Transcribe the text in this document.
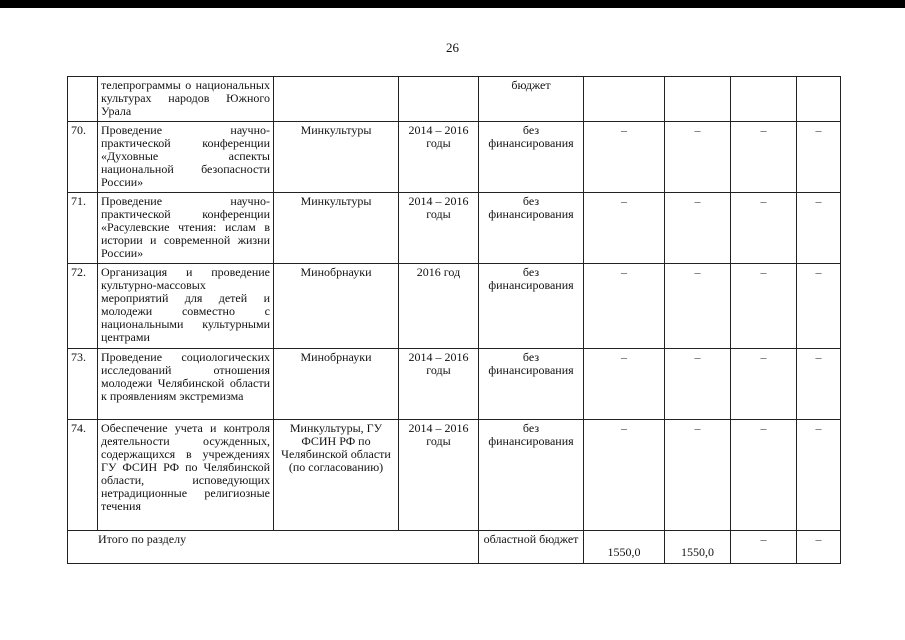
26
	телепрограммы о национальных культурах народов Южного Урала			бюджет				
70.	Проведение научно-практической конференции «Духовные аспекты национальной безопасности России»	Минкультуры	2014 – 2016 годы	без финансирования	–	–	–	–

71.	Проведение научно-практической конференции «Расулевские чтения: ислам в истории и современной жизни России»	Минкультуры	2014 – 2016 годы	без финансирования	–	–	–	–

72.	Организация и проведение культурно-массовых мероприятий для детей и молодежи совместно с национальными культурными центрами	Минобрнауки	2016 год	без финансирования	–	–	–	–

73.	Проведение социологических исследований отношения молодежи Челябинской области к проявлениям экстремизма	Минобрнауки	2014 – 2016 годы	без финансирования	–	–	–	–

74.	Обеспечение учета и контроля деятельности осужденных, содержащихся в учреждениях ГУ ФСИН РФ по Челябинской области, исповедующих нетрадиционные религиозные течения	Минкультуры, ГУ ФСИН РФ по Челябинской области (по согласованию)	2014 – 2016 годы	без финансирования	–	–	–	–

Итого по разделу				областной бюджет	1550,0	1550,0	–	–
